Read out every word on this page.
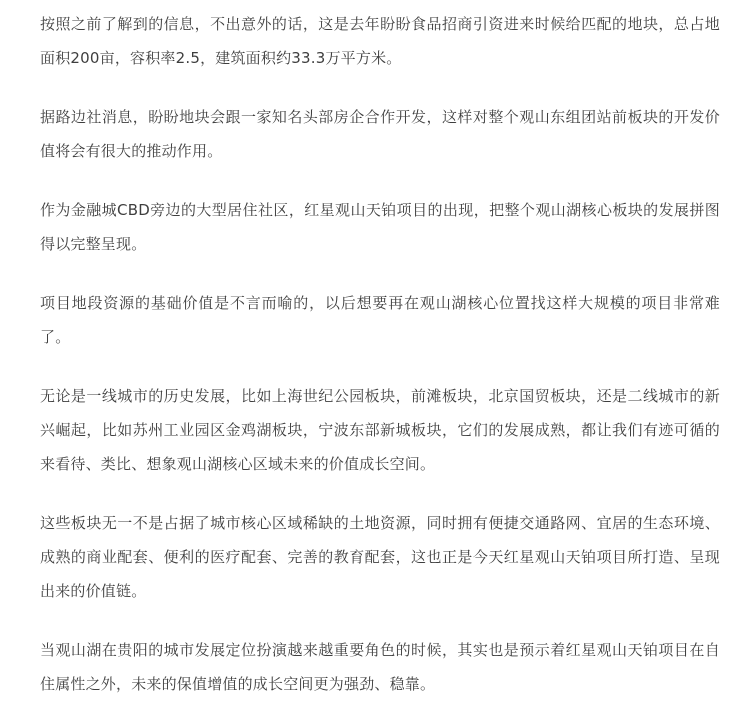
按照之前了解到的信息，不出意外的话，这是去年盼盼食品招商引资进来时候给匹配的地块，总占地面积200亩，容积率2.5，建筑面积约33.3万平方米。

据路边社消息，盼盼地块会跟一家知名头部房企合作开发，这样对整个观山东组团站前板块的开发价值将会有很大的推动作用。

作为金融城CBD旁边的大型居住社区，红星观山天铂项目的出现，把整个观山湖核心板块的发展拼图得以完整呈现。

项目地段资源的基础价值是不言而喻的，以后想要再在观山湖核心位置找这样大规模的项目非常难了。

无论是一线城市的历史发展，比如上海世纪公园板块，前滩板块，北京国贸板块，还是二线城市的新兴崛起，比如苏州工业园区金鸡湖板块，宁波东部新城板块，它们的发展成熟，都让我们有迹可循的来看待、类比、想象观山湖核心区域未来的价值成长空间。

这些板块无一不是占据了城市核心区域稀缺的土地资源，同时拥有便捷交通路网、宜居的生态环境、成熟的商业配套、便利的医疗配套、完善的教育配套，这也正是今天红星观山天铂项目所打造、呈现出来的价值链。

当观山湖在贵阳的城市发展定位扮演越来越重要角色的时候，其实也是预示着红星观山天铂项目在自住属性之外，未来的保值增值的成长空间更为强劲、稳靠。
